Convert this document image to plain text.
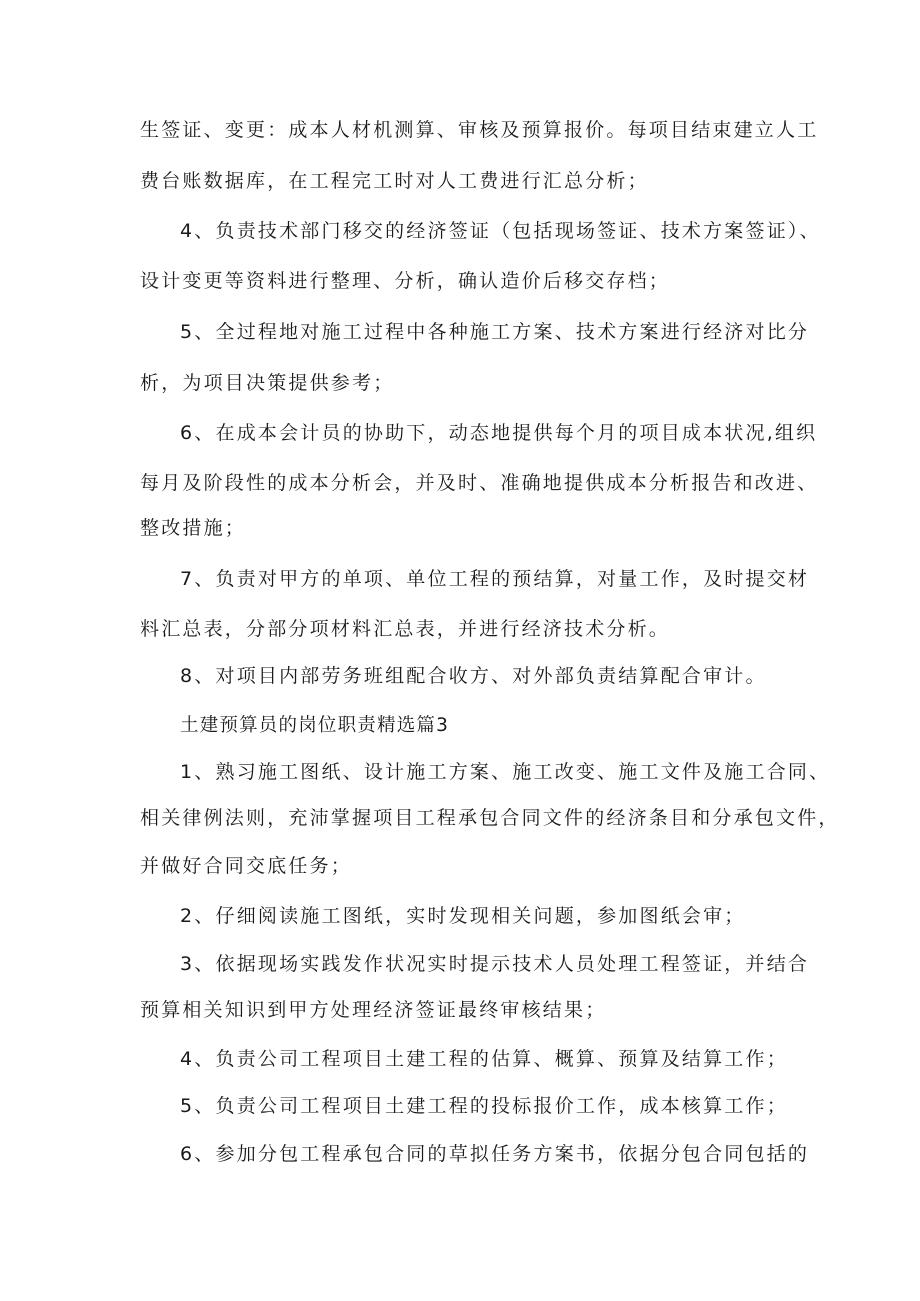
生签证、变更：成本人材机测算、审核及预算报价。每项目结束建立人工
费台账数据库，在工程完工时对人工费进行汇总分析；
4、负责技术部门移交的经济签证（包括现场签证、技术方案签证）、
设计变更等资料进行整理、分析，确认造价后移交存档；
5、全过程地对施工过程中各种施工方案、技术方案进行经济对比分
析，为项目决策提供参考；
6、在成本会计员的协助下，动态地提供每个月的项目成本状况,组织
每月及阶段性的成本分析会，并及时、准确地提供成本分析报告和改进、
整改措施；
7、负责对甲方的单项、单位工程的预结算，对量工作，及时提交材
料汇总表，分部分项材料汇总表，并进行经济技术分析。
8、对项目内部劳务班组配合收方、对外部负责结算配合审计。
土建预算员的岗位职责精选篇3
1、熟习施工图纸、设计施工方案、施工改变、施工文件及施工合同、
相关律例法则，充沛掌握项目工程承包合同文件的经济条目和分承包文件，
并做好合同交底任务；
2、仔细阅读施工图纸，实时发现相关问题，参加图纸会审；
3、依据现场实践发作状况实时提示技术人员处理工程签证，并结合
预算相关知识到甲方处理经济签证最终审核结果；
4、负责公司工程项目土建工程的估算、概算、预算及结算工作；
5、负责公司工程项目土建工程的投标报价工作，成本核算工作；
6、参加分包工程承包合同的草拟任务方案书，依据分包合同包括的
